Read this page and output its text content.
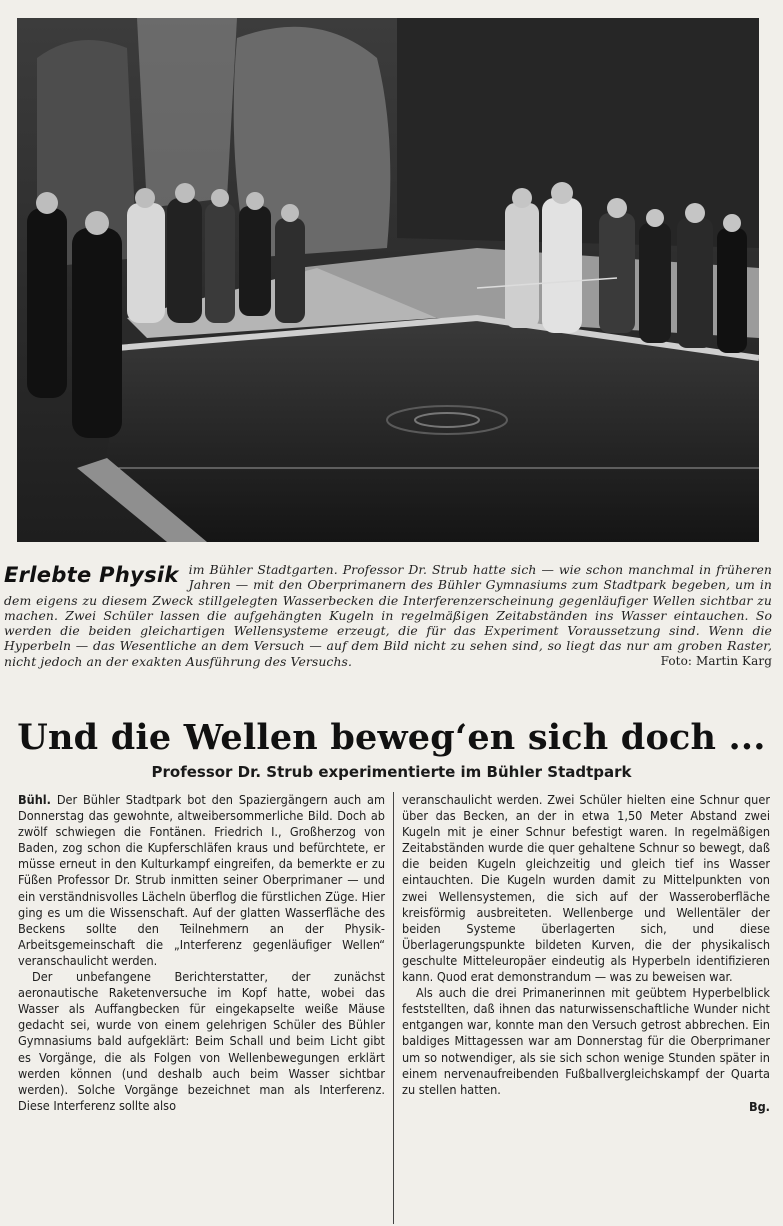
Erlebte Physik im Bühler Stadtgarten. Professor Dr. Strub hatte sich — wie schon manchmal in früheren Jahren — mit den Oberprimanern des Bühler Gymnasiums zum Stadtpark begeben, um in dem eigens zu diesem Zweck stillgelegten Wasserbecken die Interferenzerscheinung gegenläufiger Wellen sichtbar zu machen. Zwei Schüler lassen die aufgehängten Kugeln in regelmäßigen Zeitabständen ins Wasser eintauchen. So werden die beiden gleichartigen Wellensysteme erzeugt, die für das Experiment Voraussetzung sind. Wenn die Hyperbeln — das Wesentliche an dem Versuch — auf dem Bild nicht zu sehen sind, so liegt das nur am groben Raster, nicht jedoch an der exakten Ausführung des Versuchs.	Foto: Martin Karg
Und die Wellen beweg‘en sich doch ...
Professor Dr. Strub experimentierte im Bühler Stadtpark

Bühl. Der Bühler Stadtpark bot den Spaziergängern auch am Donnerstag das gewohnte, altweibersommerliche Bild. Doch ab zwölf schwiegen die Fontänen. Friedrich I., Großherzog von Baden, zog schon die Kupferschläfen kraus und befürchtete, er müsse erneut in den Kulturkampf eingreifen, da bemerkte er zu Füßen Professor Dr. Strub inmitten seiner Oberprimaner — und ein verständnisvolles Lächeln überflog die fürstlichen Züge. Hier ging es um die Wissenschaft. Auf der glatten Wasserfläche des Beckens sollte den Teilnehmern an der Physik-Arbeitsgemeinschaft die „Interferenz gegenläufiger Wellen“ veranschaulicht werden.

Der unbefangene Berichterstatter, der zunächst aeronautische Raketenversuche im Kopf hatte, wobei das Wasser als Auffangbecken für eingekapselte weiße Mäuse gedacht sei, wurde von einem gelehrigen Schüler des Bühler Gymnasiums bald aufgeklärt: Beim Schall und beim Licht gibt es Vorgänge, die als Folgen von Wellenbewegungen erklärt werden können (und deshalb auch beim Wasser sichtbar werden). Solche Vorgänge bezeichnet man als Interferenz. Diese Interferenz sollte also

veranschaulicht werden. Zwei Schüler hielten eine Schnur quer über das Becken, an der in etwa 1,50 Meter Abstand zwei Kugeln mit je einer Schnur befestigt waren. In regelmäßigen Zeitabständen wurde die quer gehaltene Schnur so bewegt, daß die beiden Kugeln gleichzeitig und gleich tief ins Wasser eintauchten. Die Kugeln wurden damit zu Mittelpunkten von zwei Wellensystemen, die sich auf der Wasseroberfläche kreisförmig ausbreiteten. Wellenberge und Wellentäler der beiden Systeme überlagerten sich, und diese Überlagerungspunkte bildeten Kurven, die der physikalisch geschulte Mitteleuropäer eindeutig als Hyperbeln identifizieren kann. Quod erat demonstrandum — was zu beweisen war.

Als auch die drei Primanerinnen mit geübtem Hyperbelblick feststellten, daß ihnen das naturwissenschaftliche Wunder nicht entgangen war, konnte man den Versuch getrost abbrechen. Ein baldiges Mittagessen war am Donnerstag für die Oberprimaner um so notwendiger, als sie sich schon wenige Stunden später in einem nervenaufreibenden Fußballvergleichskampf der Quarta zu stellen hatten.

Bg.
